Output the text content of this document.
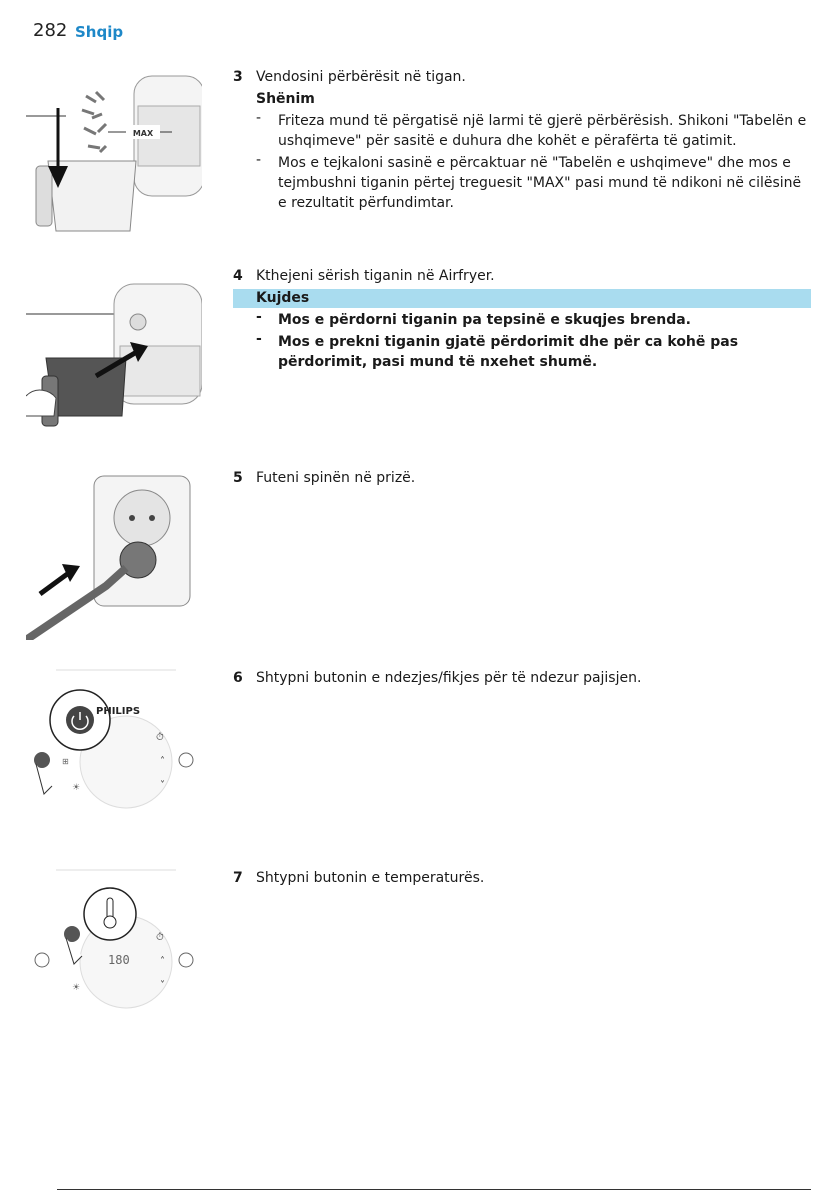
282 Shqip
MAX
3 Vendosini përbërësit në tigan.
Shënim
- Friteza mund të përgatisë një larmi të gjerë përbërësish. Shikoni "Tabelën e ushqimeve" për sasitë e duhura dhe kohët e përafërta të gatimit.
- Mos e tejkaloni sasinë e përcaktuar në "Tabelën e ushqimeve" dhe mos e tejmbushni tiganin përtej treguesit "MAX" pasi mund të ndikoni në cilësinë e rezultatit përfundimtar.
4 Kthejeni sërish tiganin në Airfryer.
Kujdes
- Mos e përdorni tiganin pa tepsinë e skuqjes brenda.
- Mos e prekni tiganin gjatë përdorimit dhe për ca kohë pas përdorimit, pasi mund të nxehet shumë.
5 Futeni spinën në prizë.
PHILIPS
⊞
⏱
˄
˅
☀
6 Shtypni butonin e ndezjes/fikjes për të ndezur pajisjen.
180
⏱
˄
˅
☀
7 Shtypni butonin e temperaturës.
